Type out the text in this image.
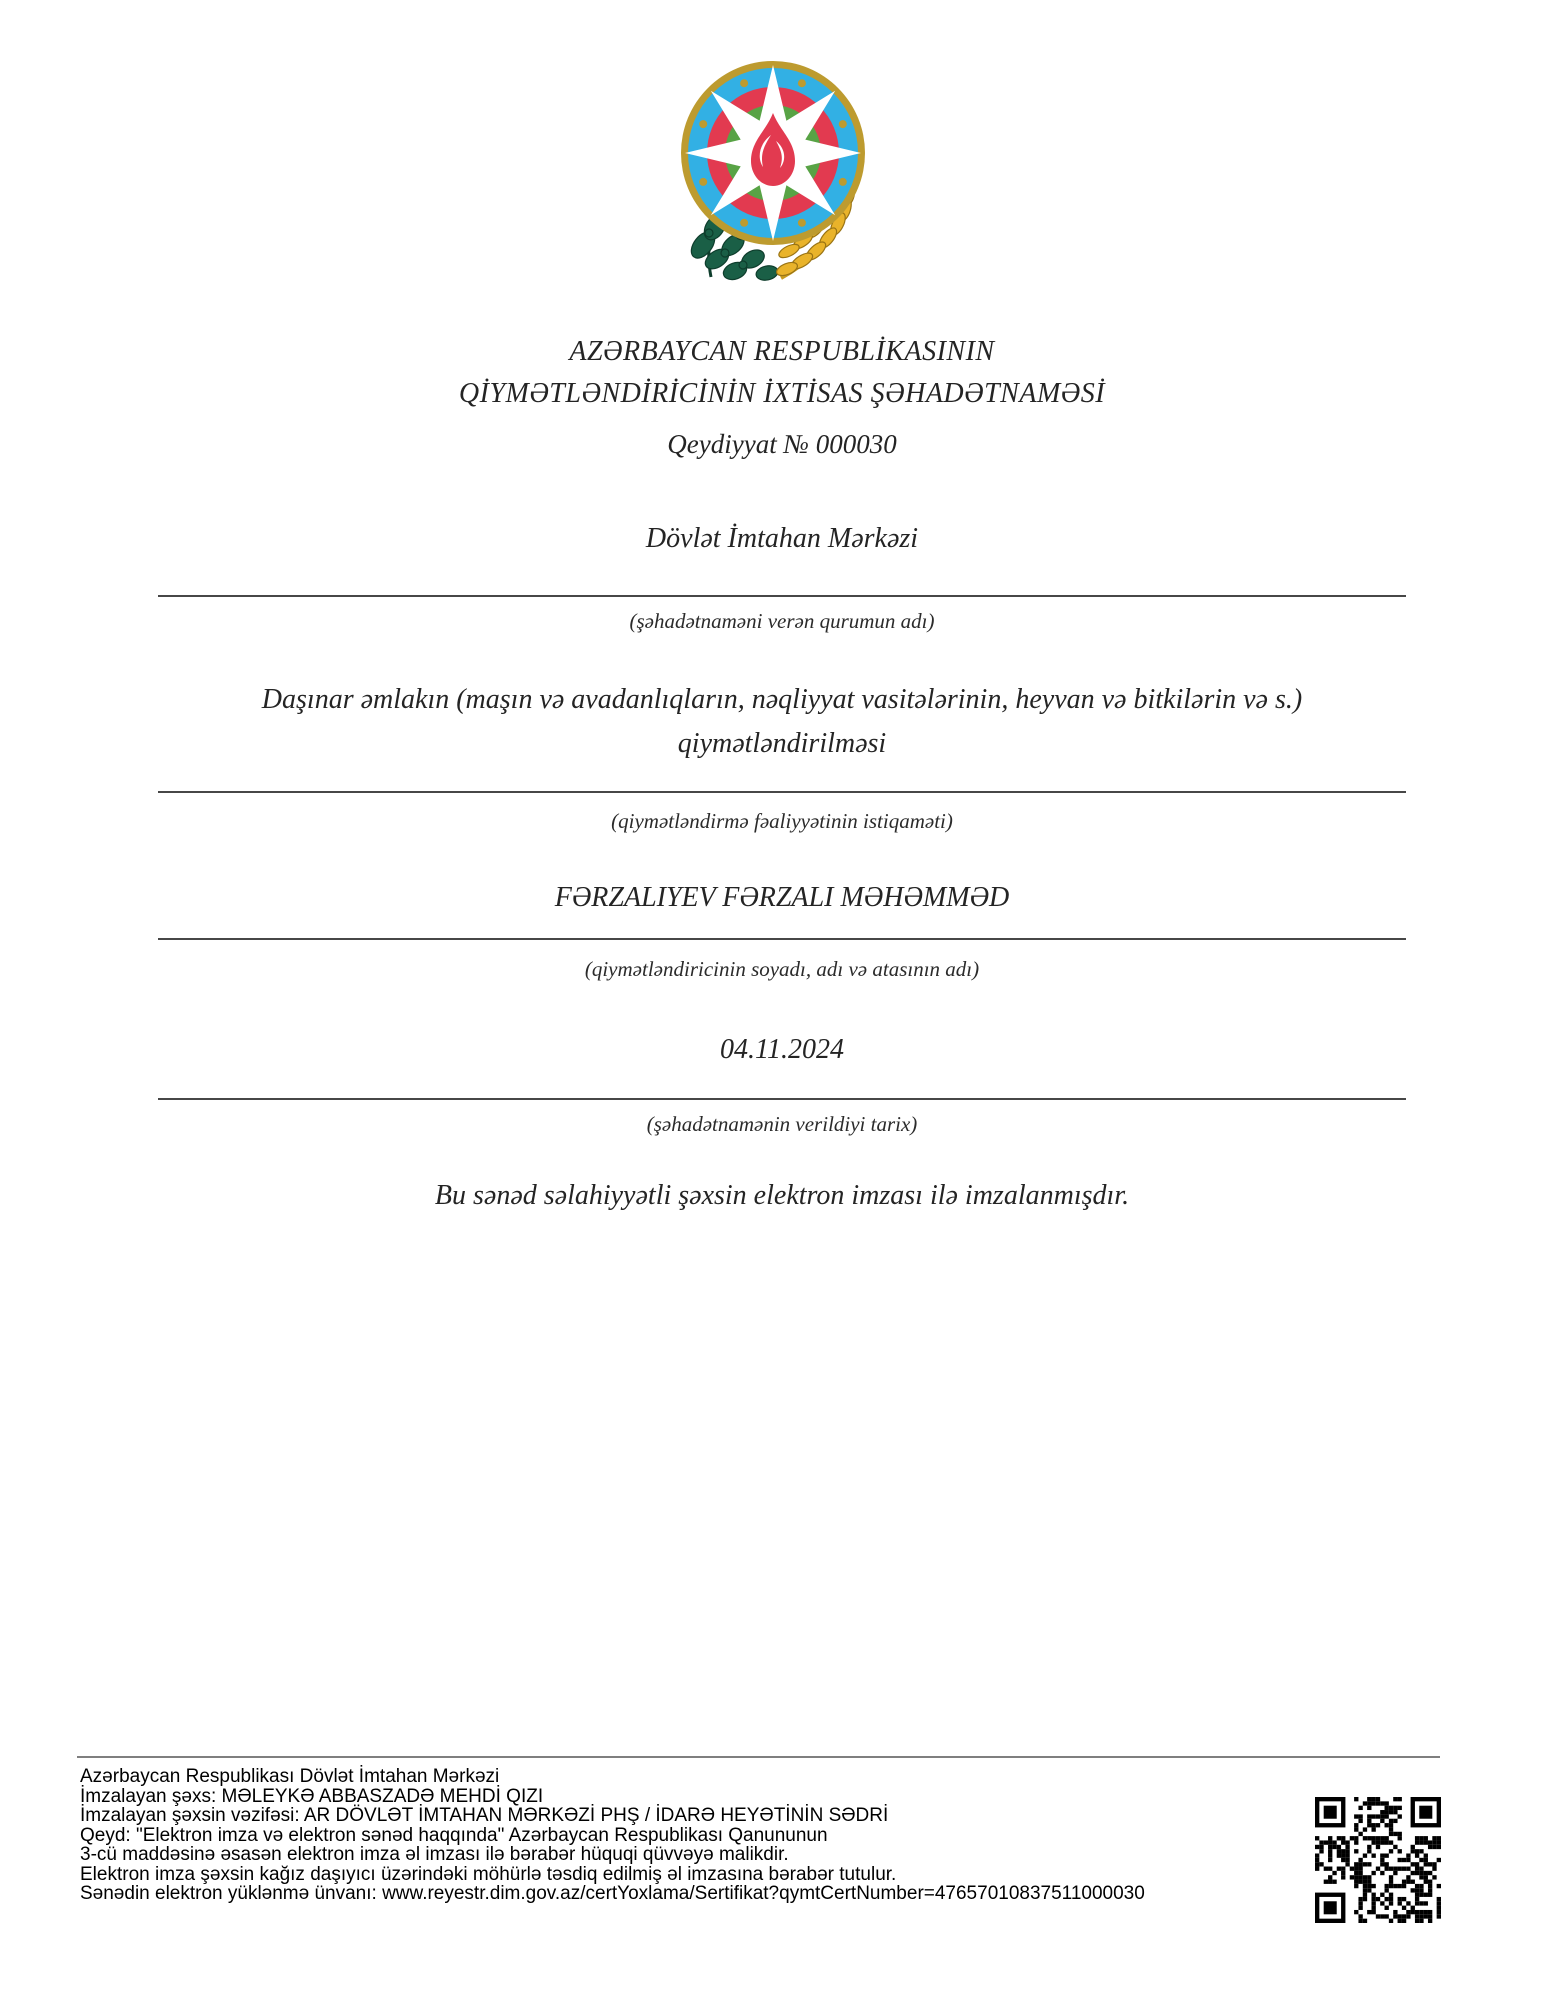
AZƏRBAYCAN RESPUBLİKASININ
QİYMƏTLƏNDİRİCİNİN İXTİSAS ŞƏHADƏTNAMƏSİ
Qeydiyyat № 000030
Dövlət İmtahan Mərkəzi
(şəhadətnaməni verən qurumun adı)
Daşınar əmlakın (maşın və avadanlıqların, nəqliyyat vasitələrinin, heyvan və bitkilərin və s.) qiymətləndirilməsi
(qiymətləndirmə fəaliyyətinin istiqaməti)
FƏRZALIYEV FƏRZALI MƏHƏMMƏD
(qiymətləndiricinin soyadı, adı və atasının adı)
04.11.2024
(şəhadətnamənin verildiyi tarix)
Bu sənəd səlahiyyətli şəxsin elektron imzası ilə imzalanmışdır.
Azərbaycan Respublikası Dövlət İmtahan Mərkəzi
İmzalayan şəxs: MƏLEYKƏ ABBASZADƏ MEHDİ QIZI
İmzalayan şəxsin vəzifəsi: AR DÖVLƏT İMTAHAN MƏRKƏZİ PHŞ / İDARƏ HEYƏTİNİN SƏDRİ
Qeyd: "Elektron imza və elektron sənəd haqqında" Azərbaycan Respublikası Qanununun
3-cü maddəsinə əsasən elektron imza əl imzası ilə bərabər hüquqi qüvvəyə malikdir.
Elektron imza şəxsin kağız daşıyıcı üzərindəki möhürlə təsdiq edilmiş əl imzasına bərabər tutulur.
Sənədin elektron yüklənmə ünvanı: www.reyestr.dim.gov.az/certYoxlama/Sertifikat?qymtCertNumber=47657010837511000030
